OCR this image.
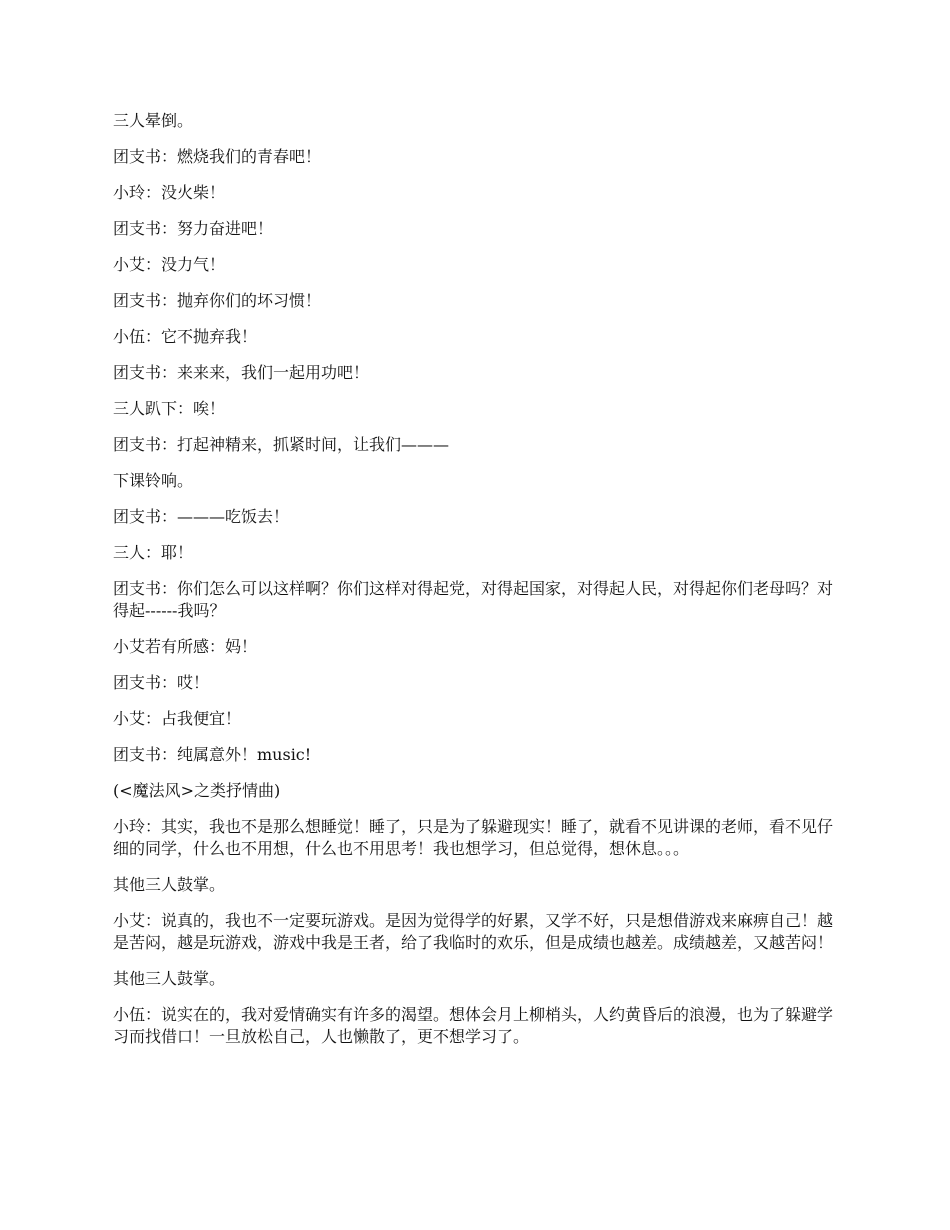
三人晕倒。

团支书：燃烧我们的青春吧！

小玲：没火柴！

团支书：努力奋进吧！

小艾：没力气！

团支书：抛弃你们的坏习惯！

小伍：它不抛弃我！

团支书：来来来，我们一起用功吧！

三人趴下：唉！

团支书：打起神精来，抓紧时间，让我们———

下课铃响。

团支书：———吃饭去！

三人：耶！

团支书：你们怎么可以这样啊？你们这样对得起党，对得起国家，对得起人民，对得起你们老母吗？对得起------我吗？

小艾若有所感：妈！

团支书：哎！

小艾：占我便宜！

团支书：纯属意外！music!

(<魔法风>之类抒情曲)

小玲：其实，我也不是那么想睡觉！睡了，只是为了躲避现实！睡了，就看不见讲课的老师，看不见仔细的同学，什么也不用想，什么也不用思考！我也想学习，但总觉得，想休息。。。

其他三人鼓掌。

小艾：说真的，我也不一定要玩游戏。是因为觉得学的好累，又学不好，只是想借游戏来麻痹自己！越是苦闷，越是玩游戏，游戏中我是王者，给了我临时的欢乐，但是成绩也越差。成绩越差，又越苦闷！

其他三人鼓掌。

小伍：说实在的，我对爱情确实有许多的渴望。想体会月上柳梢头，人约黄昏后的浪漫，也为了躲避学习而找借口！一旦放松自己，人也懒散了，更不想学习了。
